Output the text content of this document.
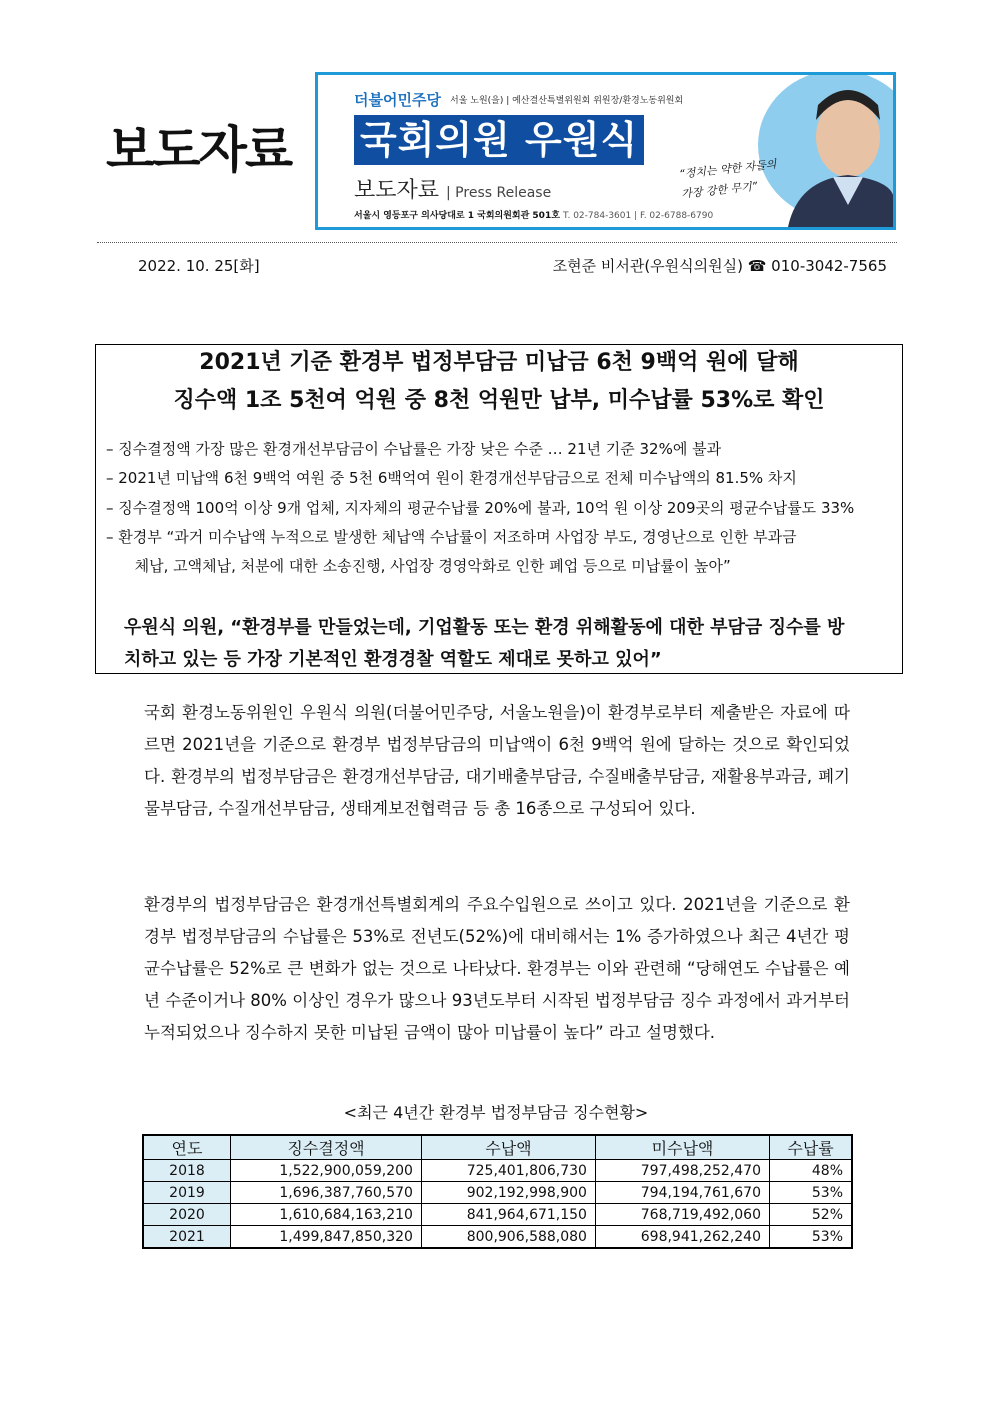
보도자료
더불어민주당 서울 노원(을) | 예산결산특별위원회 위원장/환경노동위원회
국회의원 우원식
보도자료 | Press Release
서울시 영등포구 의사당대로 1 국회의원회관 501호 T. 02-784-3601 | F. 02-6788-6790
“정치는 약한 자들의 가장 강한 무기”
2022. 10. 25[화]	조현준 비서관(우원식의원실) ☎ 010-3042-7565
2021년 기준 환경부 법정부담금 미납금 6천 9백억 원에 달해
징수액 1조 5천여 억원 중 8천 억원만 납부, 미수납률 53%로 확인
– 징수결정액 가장 많은 환경개선부담금이 수납률은 가장 낮은 수준 … 21년 기준 32%에 불과
– 2021년 미납액 6천 9백억 여원 중 5천 6백억여 원이 환경개선부담금으로 전체 미수납액의 81.5% 차지
– 징수결정액 100억 이상 9개 업체, 지자체의 평균수납률 20%에 불과, 10억 원 이상 209곳의 평균수납률도 33%
– 환경부 “과거 미수납액 누적으로 발생한 체납액 수납률이 저조하며 사업장 부도, 경영난으로 인한 부과금
체납, 고액체납, 처분에 대한 소송진행, 사업장 경영악화로 인한 폐업 등으로 미납률이 높아”
우원식 의원, “환경부를 만들었는데, 기업활동 또는 환경 위해활동에 대한 부담금 징수를 방
치하고 있는 등 가장 기본적인 환경경찰 역할도 제대로 못하고 있어”
국회 환경노동위원인 우원식 의원(더불어민주당, 서울노원을)이 환경부로부터 제출받은 자료에 따르면 2021년을 기준으로 환경부 법정부담금의 미납액이 6천 9백억 원에 달하는 것으로 확인되었다. 환경부의 법정부담금은 환경개선부담금, 대기배출부담금, 수질배출부담금, 재활용부과금, 폐기물부담금, 수질개선부담금, 생태계보전협력금 등 총 16종으로 구성되어 있다.
환경부의 법정부담금은 환경개선특별회계의 주요수입원으로 쓰이고 있다. 2021년을 기준으로 환경부 법정부담금의 수납률은 53%로 전년도(52%)에 대비해서는 1% 증가하였으나 최근 4년간 평균수납률은 52%로 큰 변화가 없는 것으로 나타났다. 환경부는 이와 관련해 “당해연도 수납률은 예년 수준이거나 80% 이상인 경우가 많으나 93년도부터 시작된 법정부담금 징수 과정에서 과거부터 누적되었으나 징수하지 못한 미납된 금액이 많아 미납률이 높다” 라고 설명했다.
<최근 4년간 환경부 법정부담금 징수현황>
연도	징수결정액	수납액	미수납액	수납률
2018	1,522,900,059,200	725,401,806,730	797,498,252,470	48%
2019	1,696,387,760,570	902,192,998,900	794,194,761,670	53%
2020	1,610,684,163,210	841,964,671,150	768,719,492,060	52%
2021	1,499,847,850,320	800,906,588,080	698,941,262,240	53%
